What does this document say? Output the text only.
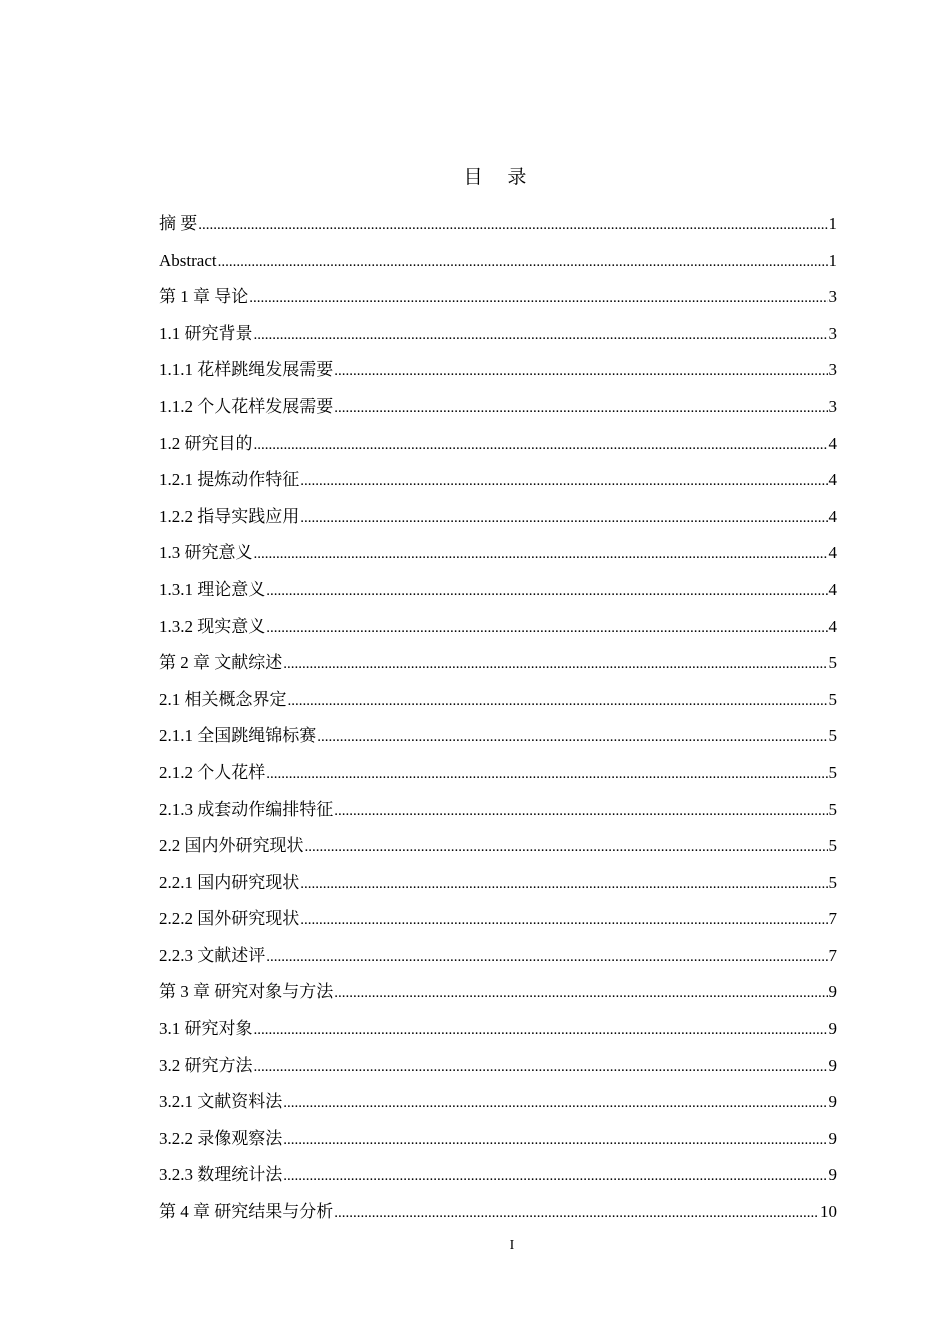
目 录
摘 要 .....	1
Abstract .....	1
第 1 章 导论 .....	3
1.1 研究背景 .....	3
1.1.1 花样跳绳发展需要 .....	3
1.1.2 个人花样发展需要 .....	3
1.2 研究目的 .....	4
1.2.1 提炼动作特征 .....	4
1.2.2 指导实践应用 .....	4
1.3 研究意义 .....	4
1.3.1 理论意义 .....	4
1.3.2 现实意义 .....	4
第 2 章 文献综述 .....	5
2.1 相关概念界定 .....	5
2.1.1 全国跳绳锦标赛 .....	5
2.1.2 个人花样 .....	5
2.1.3 成套动作编排特征 .....	5
2.2 国内外研究现状 .....	5
2.2.1 国内研究现状 .....	5
2.2.2 国外研究现状 .....	7
2.2.3 文献述评 .....	7
第 3 章 研究对象与方法 .....	9
3.1 研究对象 .....	9
3.2 研究方法 .....	9
3.2.1 文献资料法 .....	9
3.2.2 录像观察法 .....	9
3.2.3 数理统计法 .....	9
第 4 章 研究结果与分析 .....	10
I
